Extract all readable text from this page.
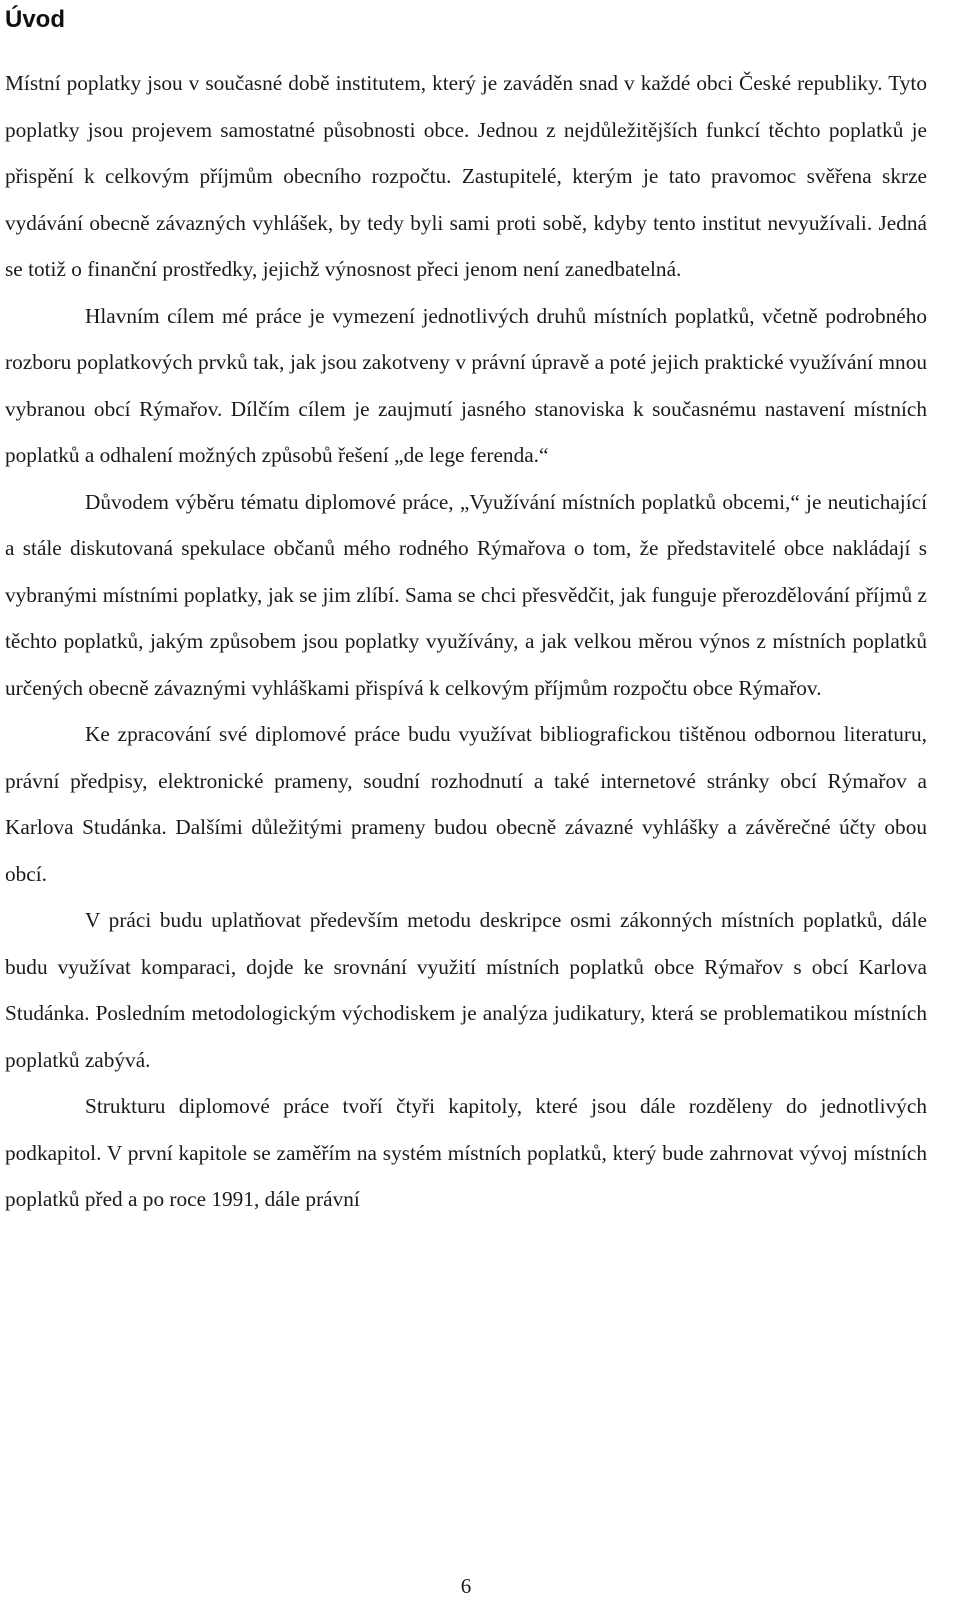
Úvod

Místní poplatky jsou v současné době institutem, který je zaváděn snad v každé obci České republiky. Tyto poplatky jsou projevem samostatné působnosti obce. Jednou z nejdůležitějších funkcí těchto poplatků je přispění k celkovým příjmům obecního rozpočtu. Zastupitelé, kterým je tato pravomoc svěřena skrze vydávání obecně závazných vyhlášek, by tedy byli sami proti sobě, kdyby tento institut nevyužívali. Jedná se totiž o finanční prostředky, jejichž výnosnost přeci jenom není zanedbatelná.

Hlavním cílem mé práce je vymezení jednotlivých druhů místních poplatků, včetně podrobného rozboru poplatkových prvků tak, jak jsou zakotveny v právní úpravě a poté jejich praktické využívání mnou vybranou obcí Rýmařov. Dílčím cílem je zaujmutí jasného stanoviska k současnému nastavení místních poplatků a odhalení možných způsobů řešení „de lege ferenda.“

Důvodem výběru tématu diplomové práce, „Využívání místních poplatků obcemi,“ je neutichající a stále diskutovaná spekulace občanů mého rodného Rýmařova o tom, že představitelé obce nakládají s vybranými místními poplatky, jak se jim zlíbí. Sama se chci přesvědčit, jak funguje přerozdělování příjmů z těchto poplatků, jakým způsobem jsou poplatky využívány, a jak velkou měrou výnos z místních poplatků určených obecně závaznými vyhláškami přispívá k celkovým příjmům rozpočtu obce Rýmařov.

Ke zpracování své diplomové práce budu využívat bibliografickou tištěnou odbornou literaturu, právní předpisy, elektronické prameny, soudní rozhodnutí a také internetové stránky obcí Rýmařov a Karlova Studánka. Dalšími důležitými prameny budou obecně závazné vyhlášky a závěrečné účty obou obcí.

V práci budu uplatňovat především metodu deskripce osmi zákonných místních poplatků, dále budu využívat komparaci, dojde ke srovnání využití místních poplatků obce Rýmařov s obcí Karlova Studánka. Posledním metodologickým východiskem je analýza judikatury, která se problematikou místních poplatků zabývá.

Strukturu diplomové práce tvoří čtyři kapitoly, které jsou dále rozděleny do jednotlivých podkapitol. V první kapitole se zaměřím na systém místních poplatků, který bude zahrnovat vývoj místních poplatků před a po roce 1991, dále právní

6
